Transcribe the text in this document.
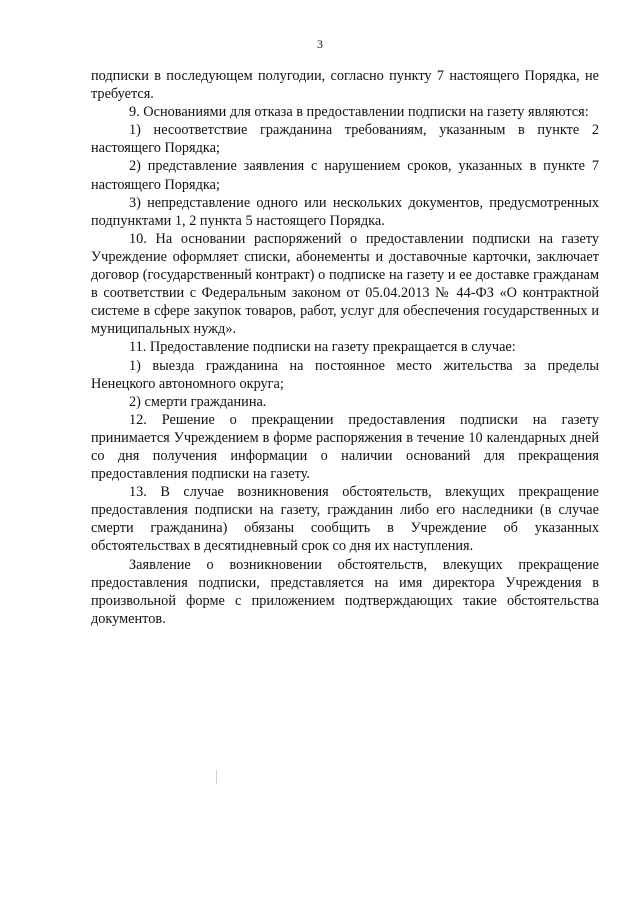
3

подписки в последующем полугодии, согласно пункту 7 настоящего Порядка, не требуется.

9. Основаниями для отказа в предоставлении подписки на газету являются:

1) несоответствие гражданина требованиям, указанным в пункте 2 настоящего Порядка;

2) представление заявления с нарушением сроков, указанных в пункте 7 настоящего Порядка;

3) непредставление одного или нескольких документов, предусмотренных подпунктами 1, 2 пункта 5 настоящего Порядка.

10. На основании распоряжений о предоставлении подписки на газету Учреждение оформляет списки, абонементы и доставочные карточки, заключает договор (государственный контракт) о подписке на газету и ее доставке гражданам в соответствии с Федеральным законом от 05.04.2013 № 44-ФЗ «О контрактной системе в сфере закупок товаров, работ, услуг для обеспечения государственных и муниципальных нужд».

11. Предоставление подписки на газету прекращается в случае:

1) выезда гражданина на постоянное место жительства за пределы Ненецкого автономного округа;

2) смерти гражданина.

12. Решение о прекращении предоставления подписки на газету принимается Учреждением в форме распоряжения в течение 10 календарных дней со дня получения информации о наличии оснований для прекращения предоставления подписки на газету.

13. В случае возникновения обстоятельств, влекущих прекращение предоставления подписки на газету, гражданин либо его наследники (в случае смерти гражданина) обязаны сообщить в Учреждение об указанных обстоятельствах в десятидневный срок со дня их наступления.

Заявление о возникновении обстоятельств, влекущих прекращение предоставления подписки, представляется на имя директора Учреждения в произвольной форме с приложением подтверждающих такие обстоятельства документов.
